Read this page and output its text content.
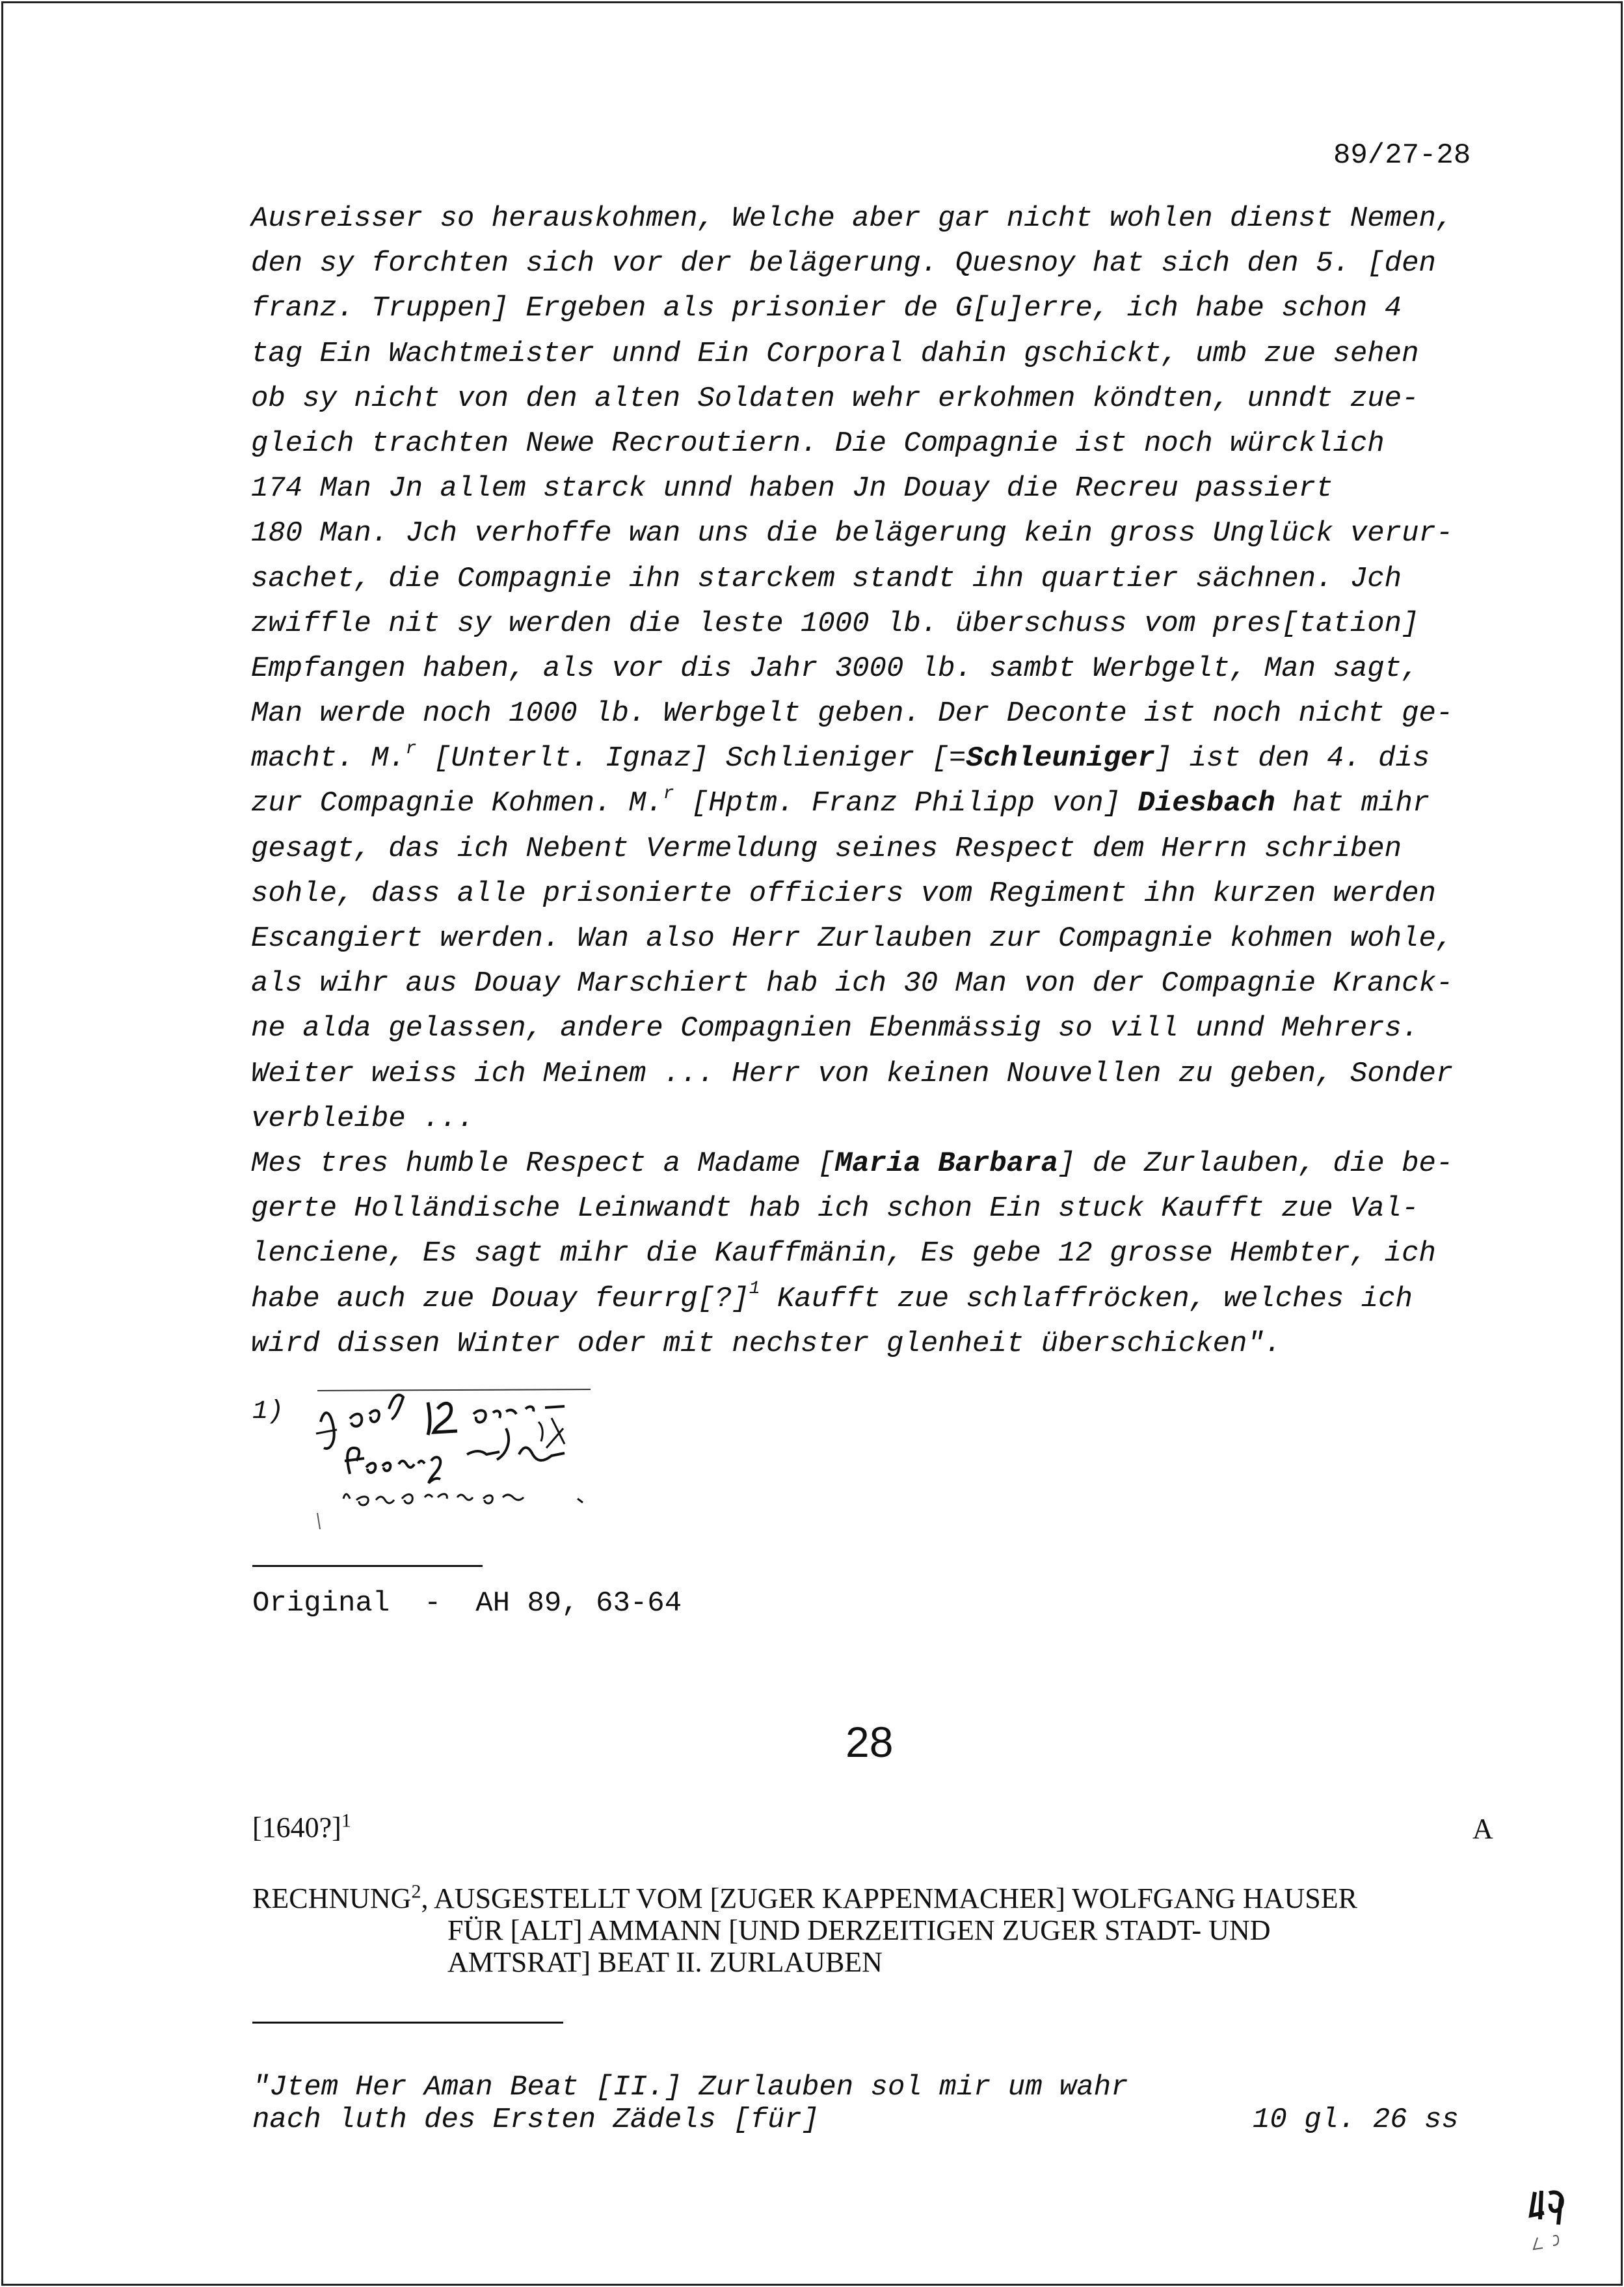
89/27-28
Ausreisser so herauskohmen, Welche aber gar nicht wohlen dienst Nemen,
den sy forchten sich vor der belägerung. Quesnoy hat sich den 5. [den
franz. Truppen] Ergeben als prisonier de G[u]erre, ich habe schon 4
tag Ein Wachtmeister unnd Ein Corporal dahin gschickt, umb zue sehen
ob sy nicht von den alten Soldaten wehr erkohmen köndten, unndt zue-
gleich trachten Newe Recroutiern. Die Compagnie ist noch würcklich
174 Man Jn allem starck unnd haben Jn Douay die Recreu passiert
180 Man. Jch verhoffe wan uns die belägerung kein gross Unglück verur-
sachet, die Compagnie ihn starckem standt ihn quartier sächnen. Jch
zwiffle nit sy werden die leste 1000 lb. überschuss vom pres[tation]
Empfangen haben, als vor dis Jahr 3000 lb. sambt Werbgelt, Man sagt,
Man werde noch 1000 lb. Werbgelt geben. Der Deconte ist noch nicht ge-
macht. M.$^r$ [Unterlt. Ignaz] Schlieniger [=Schleuniger] ist den 4. dis
zur Compagnie Kohmen. M.$^r$ [Hptm. Franz Philipp von] Diesbach hat mihr
gesagt, das ich Nebent Vermeldung seines Respect dem Herrn schriben
sohle, dass alle prisonierte officiers vom Regiment ihn kurzen werden
Escangiert werden. Wan also Herr Zurlauben zur Compagnie kohmen wohle,
als wihr aus Douay Marschiert hab ich 30 Man von der Compagnie Kranck-
ne alda gelassen, andere Compagnien Ebenmässig so vill unnd Mehrers.
Weiter weiss ich Meinem ... Herr von keinen Nouvellen zu geben, Sonder
verbleibe ...
Mes tres humble Respect a Madame [Maria Barbara] de Zurlauben, die be-
gerte Holländische Leinwandt hab ich schon Ein stuck Kaufft zue Val-
lenciene, Es sagt mihr die Kauffmänin, Es gebe 12 grosse Hembter, ich
habe auch zue Douay feurrg[?]$^1$ Kaufft zue schlaffröcken, welches ich
wird dissen Winter oder mit nechster glenheit überschicken".
1)
Original  -  AH 89, 63-64
28
[1640?]$^1$	A
RECHNUNG$^2$, AUSGESTELLT VOM [ZUGER KAPPENMACHER] WOLFGANG HAUSER
FÜR [ALT] AMMANN [UND DERZEITIGEN ZUGER STADT- UND
AMTSRAT] BEAT II. ZURLAUBEN
"Jtem Her Aman Beat [II.] Zurlauben sol mir um wahr
nach luth des Ersten Zädels [für]	10 gl. 26 ss
